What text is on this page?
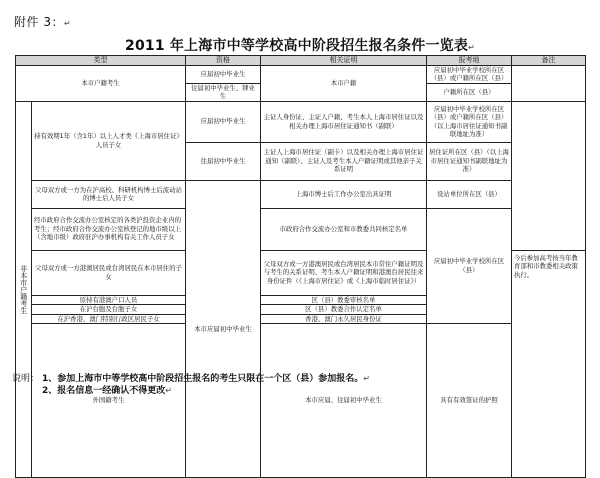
附件 3：↵
2011 年上海市中等学校高中阶段招生报名条件一览表↵
类型		资格	相关证明	报考地	备注	
本市户籍考生		应届初中毕业生	本市户籍	应届初中毕业学校所在区（县）或户籍所在区（县）		
		往届初中毕业生、肄业生		户籍所在区（县）		
非本市户籍考生	持有效期1年（含1年）以上人才类《上海市居住证》人员子女	应届初中毕业生	主证人身份证、主证人户籍、考生本人上海市居住证以及相关办理上海市居住证通知书（副联）	应届初中毕业学校所在区（县）或户籍所在区（县）（以上海市居住证通知书副联地址为准）		
		往届初中毕业生	主证人上海市居住证（副卡）以及相关办理上海市居住证通知（副联）、主证人及考生本人户籍证明或其他亲子关系证明	居住证所在区（县）（以上海市居住证通知书副联地址为准）		
	父母双方或一方为在沪高校、科研机构博士后流动站的博士后人员子女	本市应届初中毕业生	上海市博士后工作办公室出具证明	设站单位所在区（县）		
	经市政府合作交流办公室核定的各类沪投资企业内的考生；经市政府合作交流办公室核登记的地市级以上（含地市级）政府驻沪办事机构有关工作人员子女		市政府合作交流办公室和市教委共同核定名单	应届初中毕业学校所在区（县）		
	父母双方或一方港澳居民或台湾居民在本市居住的子女		父母双方或一方港澳居民或台湾居民本市常住户籍证明及与考生的关系证明、考生本人户籍证明和港澳台居民往来身份证件（《上海市居住证》或《上海市临时居住证》）		今后参加高考按当年教育部和市教委相关政策执行。	
	原持有港澳户口人员		区（县）教委审核名单			
	在沪台胞及台胞子女		区（县）教委合作认定名单			
	在沪香港、澳门特别行政区居民子女		香港、澳门永久居民身份证			
	外国籍考生		本市应届、往届初中毕业生	具有有效签证的护照	
说明： 1、参加上海市中等学校高中阶段招生报名的考生只限在一个区（县）参加报名。↵
2、报名信息一经确认不得更改↵
